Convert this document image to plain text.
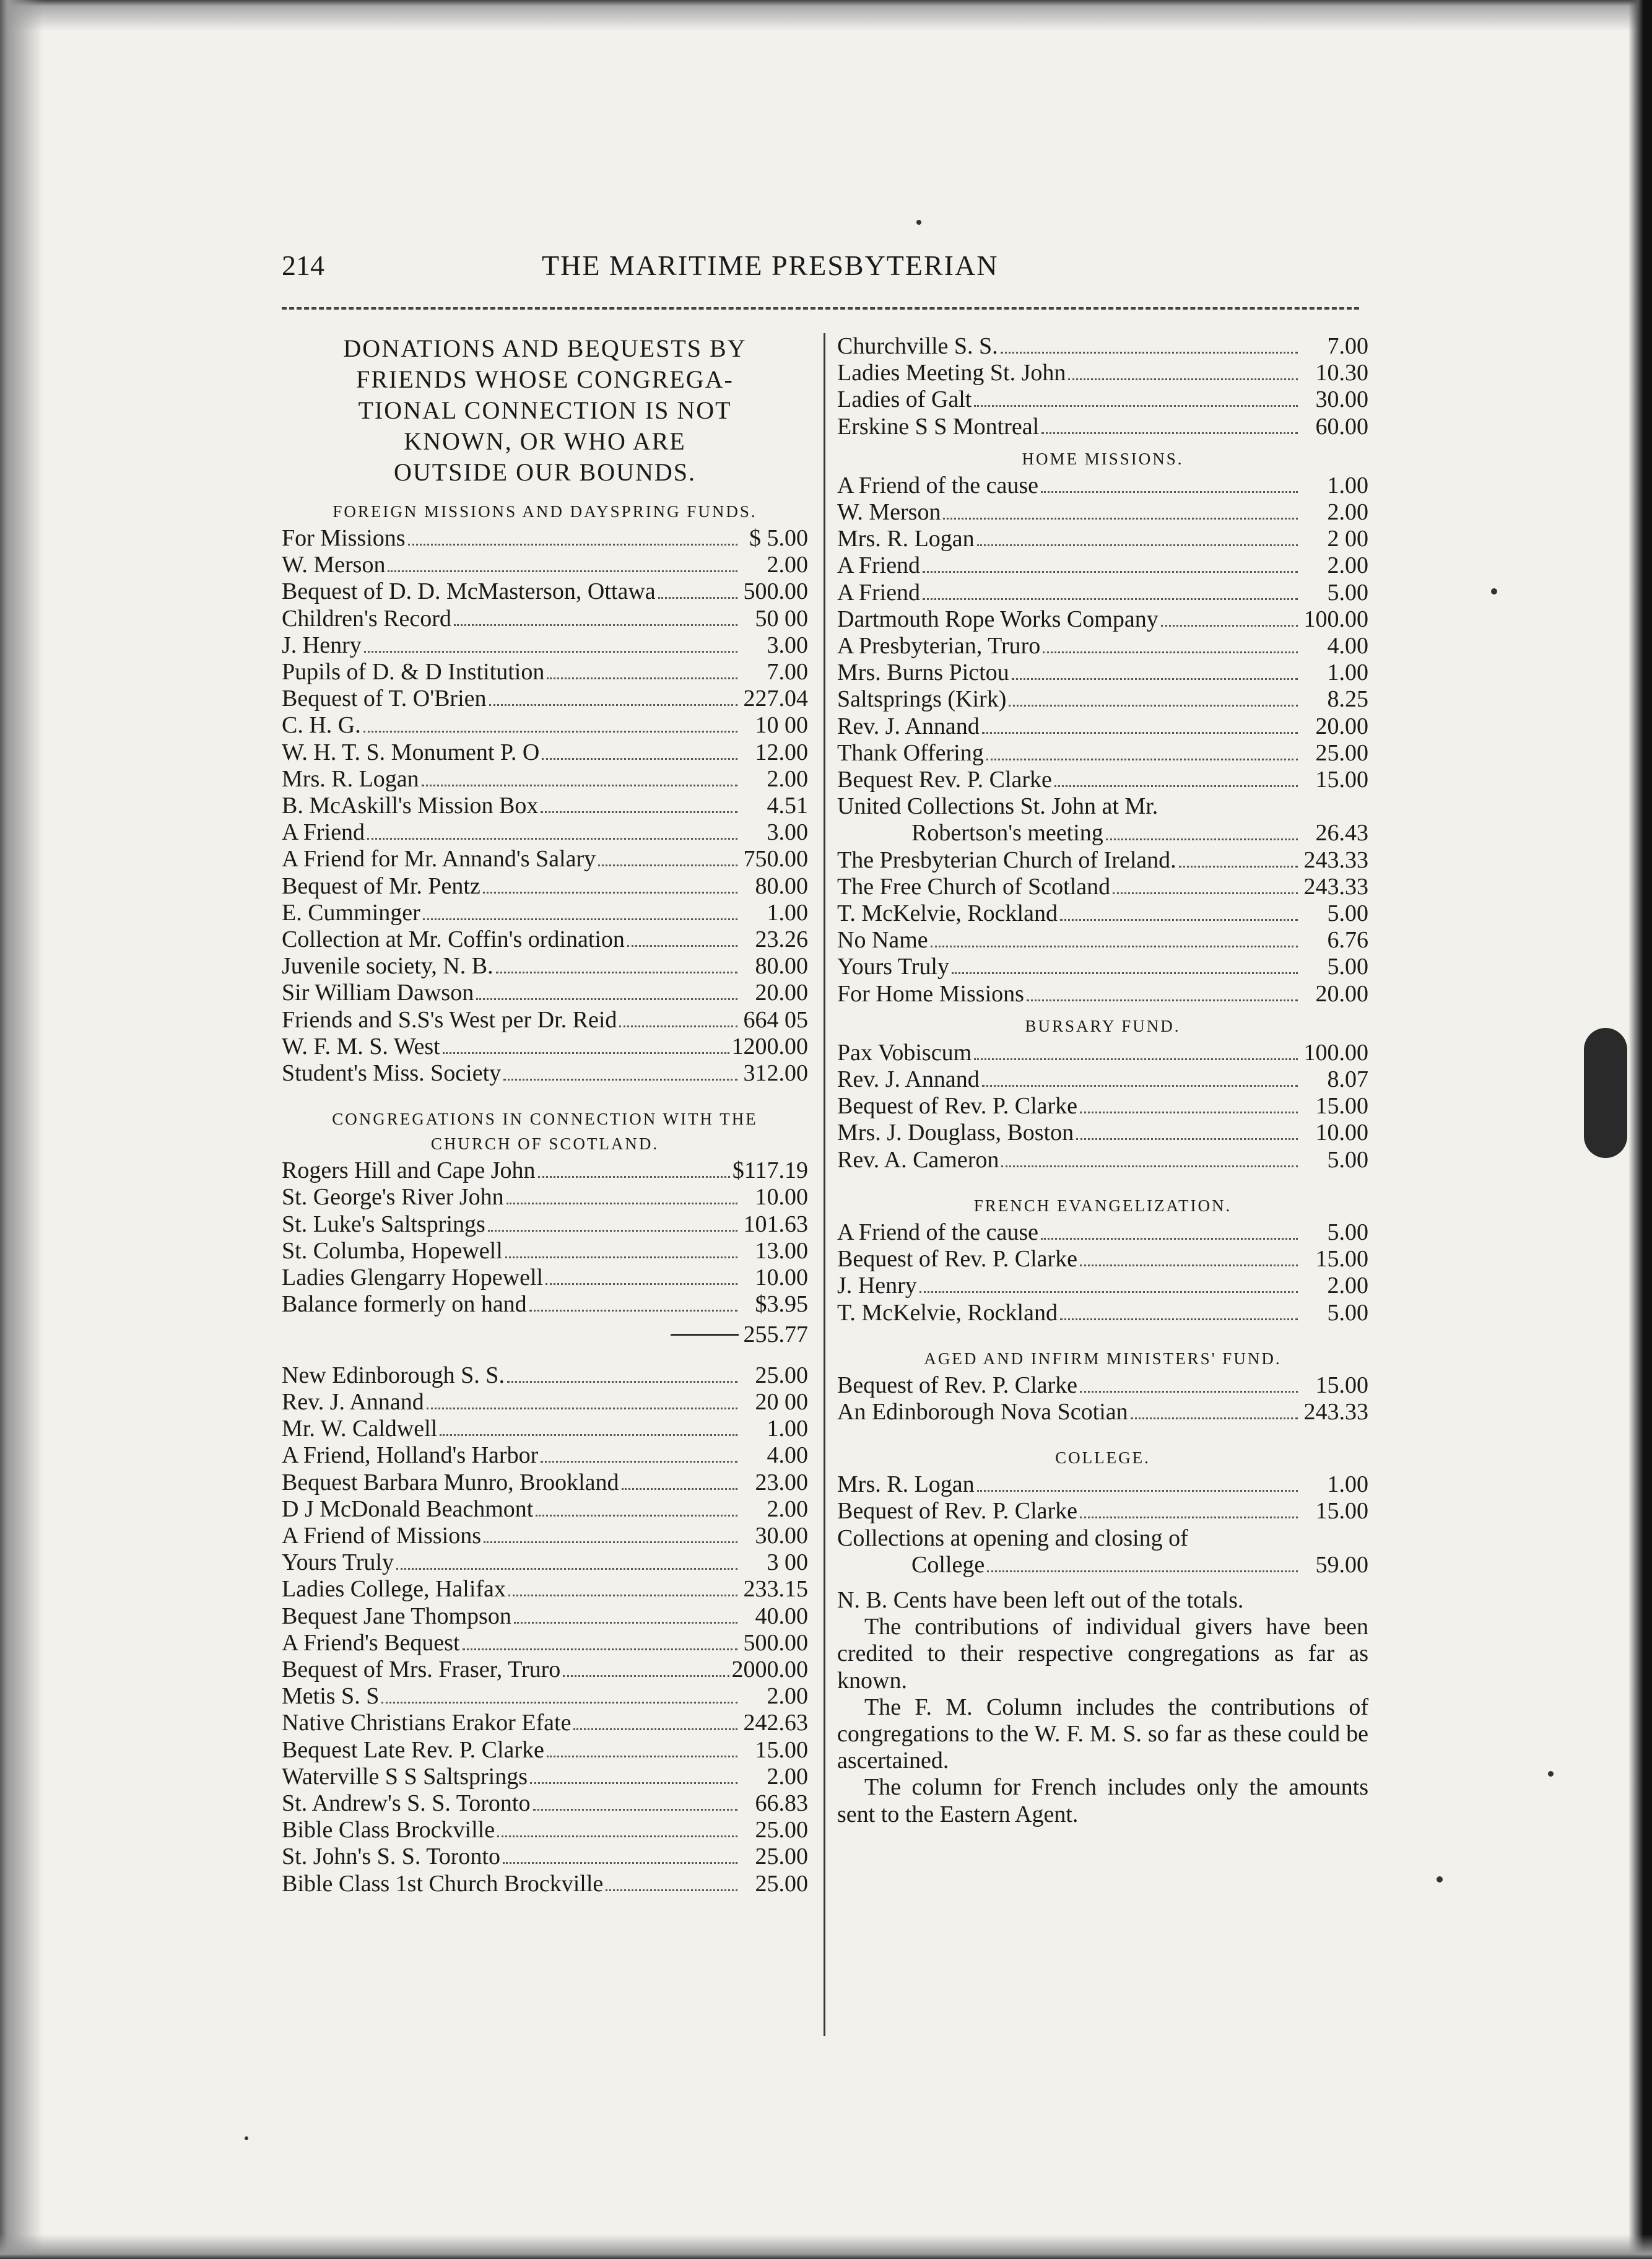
214	THE MARITIME PRESBYTERIAN
DONATIONS AND BEQUESTS BY
FRIENDS WHOSE CONGREGA-
TIONAL CONNECTION IS NOT
KNOWN, OR WHO ARE
OUTSIDE OUR BOUNDS.
FOREIGN MISSIONS AND DAYSPRING FUNDS.
For Missions	$ 5.00
W. Merson	2.00
Bequest of D. D. McMasterson, Ottawa	500.00
Children's Record	50 00
J. Henry	3.00
Pupils of D. & D Institution	7.00
Bequest of T. O'Brien	227.04
C. H. G.	10 00
W. H. T. S. Monument P. O	12.00
Mrs. R. Logan	2.00
B. McAskill's Mission Box	4.51
A Friend	3.00
A Friend for Mr. Annand's Salary	750.00
Bequest of Mr. Pentz	80.00
E. Cumminger	1.00
Collection at Mr. Coffin's ordination	23.26
Juvenile society, N. B.	80.00
Sir William Dawson	20.00
Friends and S.S's West per Dr. Reid	664 05
W. F. M. S. West	1200.00
Student's Miss. Society	312.00
CONGREGATIONS IN CONNECTION WITH THE
CHURCH OF SCOTLAND.
Rogers Hill and Cape John	$117.19
St. George's River John	10.00
St. Luke's Saltsprings	101.63
St. Columba, Hopewell	13.00
Ladies Glengarry Hopewell	10.00
Balance formerly on hand	$3.95
255.77
New Edinborough S. S.	25.00
Rev. J. Annand	20 00
Mr. W. Caldwell	1.00
A Friend, Holland's Harbor	4.00
Bequest Barbara Munro, Brookland	23.00
D J McDonald Beachmont	2.00
A Friend of Missions	30.00
Yours Truly	3 00
Ladies College, Halifax	233.15
Bequest Jane Thompson	40.00
A Friend's Bequest	500.00
Bequest of Mrs. Fraser, Truro	2000.00
Metis S. S	2.00
Native Christians Erakor Efate	242.63
Bequest Late Rev. P. Clarke	15.00
Waterville S S Saltsprings	2.00
St. Andrew's S. S. Toronto	66.83
Bible Class Brockville	25.00
St. John's S. S. Toronto	25.00
Bible Class 1st Church Brockville	25.00
Churchville S. S.	7.00
Ladies Meeting St. John	10.30
Ladies of Galt	30.00
Erskine S S Montreal	60.00
HOME MISSIONS.
A Friend of the cause	1.00
W. Merson	2.00
Mrs. R. Logan	2 00
A Friend	2.00
A Friend	5.00
Dartmouth Rope Works Company	100.00
A Presbyterian, Truro	4.00
Mrs. Burns Pictou	1.00
Saltsprings (Kirk)	8.25
Rev. J. Annand	20.00
Thank Offering	25.00
Bequest Rev. P. Clarke	15.00
United Collections St. John at Mr.
Robertson's meeting	26.43
The Presbyterian Church of Ireland.	243.33
The Free Church of Scotland	243.33
T. McKelvie, Rockland	5.00
No Name	6.76
Yours Truly	5.00
For Home Missions	20.00
BURSARY FUND.
Pax Vobiscum	100.00
Rev. J. Annand	8.07
Bequest of Rev. P. Clarke	15.00
Mrs. J. Douglass, Boston	10.00
Rev. A. Cameron	5.00
FRENCH EVANGELIZATION.
A Friend of the cause	5.00
Bequest of Rev. P. Clarke	15.00
J. Henry	2.00
T. McKelvie, Rockland	5.00
AGED AND INFIRM MINISTERS' FUND.
Bequest of Rev. P. Clarke	15.00
An Edinborough Nova Scotian	243.33
COLLEGE.
Mrs. R. Logan	1.00
Bequest of Rev. P. Clarke	15.00
Collections at opening and closing of
College	59.00

N. B. Cents have been left out of the totals.

The contributions of individual givers have been credited to their respective congregations as far as known.

The F. M. Column includes the contributions of congregations to the W. F. M. S. so far as these could be ascertained.

The column for French includes only the amounts sent to the Eastern Agent.
